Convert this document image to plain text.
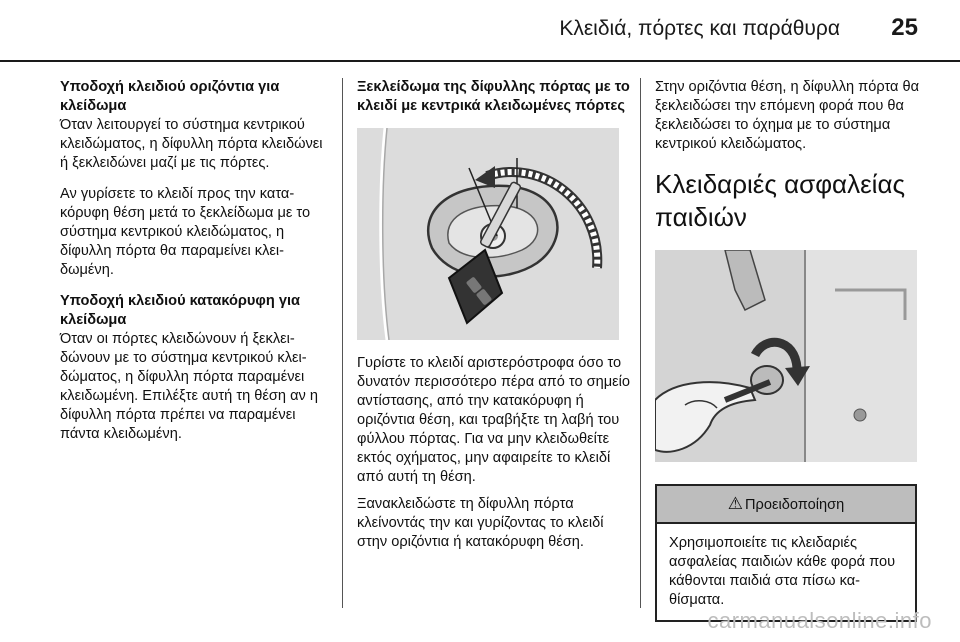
Κλειδιά, πόρτες και παράθυρα 25

Υποδοχή κλειδιού οριζόντια για κλείδωμα

Όταν λειτουργεί το σύστημα κεντρικού κλειδώματος, η δίφυλλη πόρτα κλειδώνει ή ξεκλειδώνει μαζί με τις πόρτες.

Αν γυρίσετε το κλειδί προς την κατακόρυφη θέση μετά το ξεκλείδωμα με το σύστημα κεντρικού κλειδώματος, η δίφυλλη πόρτα θα παραμείνει κλειδωμένη.

Υποδοχή κλειδιού κατακόρυφη για κλείδωμα

Όταν οι πόρτες κλειδώνουν ή ξεκλειδώνουν με το σύστημα κεντρικού κλειδώματος, η δίφυλλη πόρτα παραμένει κλειδωμένη. Επιλέξτε αυτή τη θέση αν η δίφυλλη πόρτα πρέπει να παραμένει πάντα κλειδωμένη.

Ξεκλείδωμα της δίφυλλης πόρτας με το κλειδί με κεντρικά κλειδωμένες πόρτες

Γυρίστε το κλειδί αριστερόστροφα όσο το δυνατόν περισσότερο πέρα από το σημείο αντίστασης, από την κατακόρυφη ή οριζόντια θέση, και τραβήξτε τη λαβή του φύλλου πόρτας. Για να μην κλειδωθείτε εκτός οχήματος, μην αφαιρείτε το κλειδί από αυτή τη θέση.

Ξανακλειδώστε τη δίφυλλη πόρτα κλείνοντάς την και γυρίζοντας το κλειδί στην οριζόντια ή κατακόρυφη θέση.

Στην οριζόντια θέση, η δίφυλλη πόρτα θα ξεκλειδώσει την επόμενη φορά που θα ξεκλειδώσει το όχημα με το σύστημα κεντρικού κλειδώματος.

Κλειδαριές ασφαλείας παιδιών
⚠ Προειδοποίηση
Χρησιμοποιείτε τις κλειδαριές ασφαλείας παιδιών κάθε φορά που κάθονται παιδιά στα πίσω καθίσματα.
carmanualsonline.info
